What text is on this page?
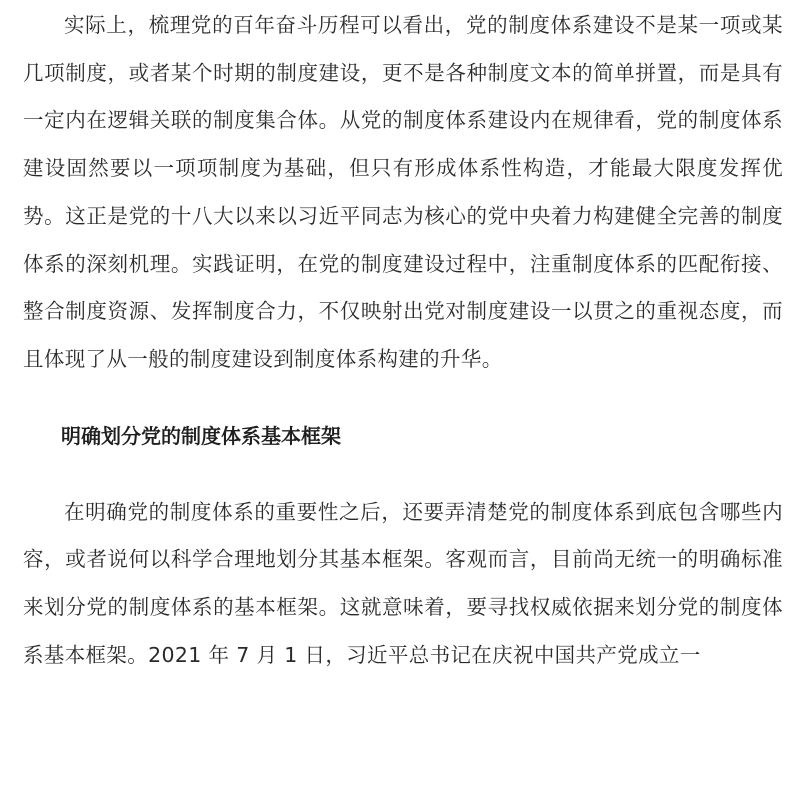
实际上，梳理党的百年奋斗历程可以看出，党的制度体系建设不是某一项或某几项制度，或者某个时期的制度建设，更不是各种制度文本的简单拼置，而是具有一定内在逻辑关联的制度集合体。从党的制度体系建设内在规律看，党的制度体系建设固然要以一项项制度为基础，但只有形成体系性构造，才能最大限度发挥优势。这正是党的十八大以来以习近平同志为核心的党中央着力构建健全完善的制度体系的深刻机理。实践证明，在党的制度建设过程中，注重制度体系的匹配衔接、整合制度资源、发挥制度合力，不仅映射出党对制度建设一以贯之的重视态度，而且体现了从一般的制度建设到制度体系构建的升华。

明确划分党的制度体系基本框架

在明确党的制度体系的重要性之后，还要弄清楚党的制度体系到底包含哪些内容，或者说何以科学合理地划分其基本框架。客观而言，目前尚无统一的明确标准来划分党的制度体系的基本框架。这就意味着，要寻找权威依据来划分党的制度体系基本框架。2021 年 7 月 1 日，习近平总书记在庆祝中国共产党成立一
